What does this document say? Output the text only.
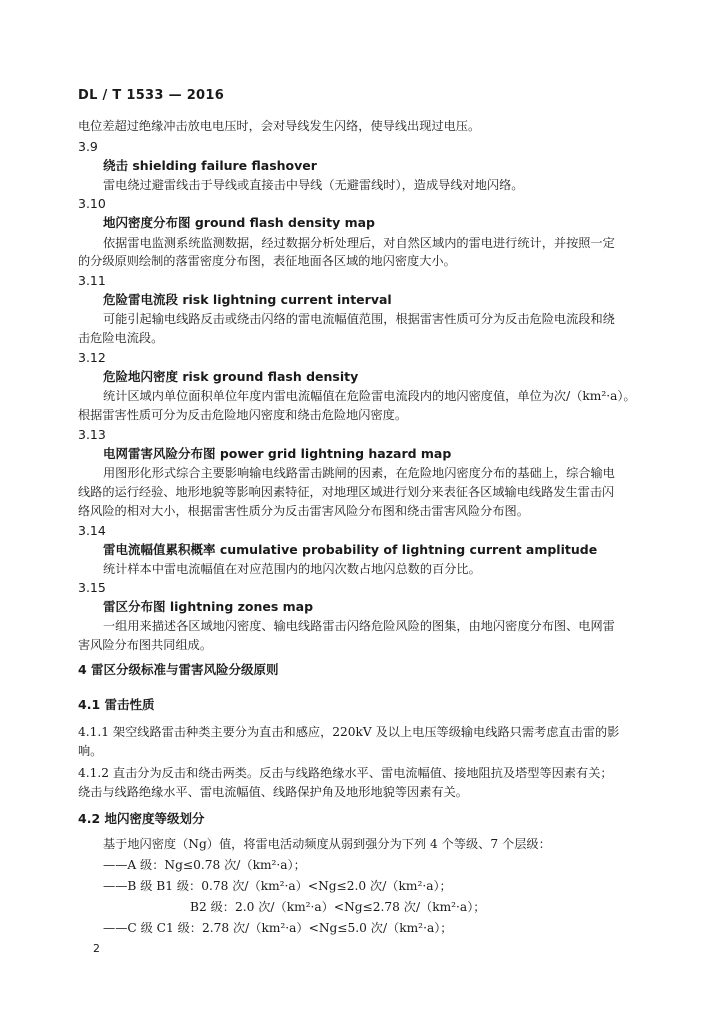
DL / T 1533 — 2016
电位差超过绝缘冲击放电电压时，会对导线发生闪络，使导线出现过电压。
3.9
绕击 shielding failure flashover
雷电绕过避雷线击于导线或直接击中导线（无避雷线时），造成导线对地闪络。
3.10
地闪密度分布图 ground flash density map
依据雷电监测系统监测数据，经过数据分析处理后，对自然区域内的雷电进行统计，并按照一定
的分级原则绘制的落雷密度分布图，表征地面各区域的地闪密度大小。
3.11
危险雷电流段 risk lightning current interval
可能引起输电线路反击或绕击闪络的雷电流幅值范围，根据雷害性质可分为反击危险电流段和绕
击危险电流段。
3.12
危险地闪密度 risk ground flash density
统计区域内单位面积单位年度内雷电流幅值在危险雷电流段内的地闪密度值，单位为次/（km²·a）。
根据雷害性质可分为反击危险地闪密度和绕击危险地闪密度。
3.13
电网雷害风险分布图 power grid lightning hazard map
用图形化形式综合主要影响输电线路雷击跳闸的因素，在危险地闪密度分布的基础上，综合输电
线路的运行经验、地形地貌等影响因素特征，对地理区域进行划分来表征各区域输电线路发生雷击闪
络风险的相对大小，根据雷害性质分为反击雷害风险分布图和绕击雷害风险分布图。
3.14
雷电流幅值累积概率 cumulative probability of lightning current amplitude
统计样本中雷电流幅值在对应范围内的地闪次数占地闪总数的百分比。
3.15
雷区分布图 lightning zones map
一组用来描述各区域地闪密度、输电线路雷击闪络危险风险的图集，由地闪密度分布图、电网雷
害风险分布图共同组成。
4 雷区分级标准与雷害风险分级原则
4.1 雷击性质
4.1.1 架空线路雷击种类主要分为直击和感应，220kV 及以上电压等级输电线路只需考虑直击雷的影
响。
4.1.2 直击分为反击和绕击两类。反击与线路绝缘水平、雷电流幅值、接地阻抗及塔型等因素有关；
绕击与线路绝缘水平、雷电流幅值、线路保护角及地形地貌等因素有关。
4.2 地闪密度等级划分
基于地闪密度（Ng）值，将雷电活动频度从弱到强分为下列 4 个等级、7 个层级：
——A 级：Ng≤0.78 次/（km²·a）；
——B 级 B1 级：0.78 次/（km²·a）<Ng≤2.0 次/（km²·a）；
B2 级：2.0 次/（km²·a）<Ng≤2.78 次/（km²·a）；
——C 级 C1 级：2.78 次/（km²·a）<Ng≤5.0 次/（km²·a）；
2
